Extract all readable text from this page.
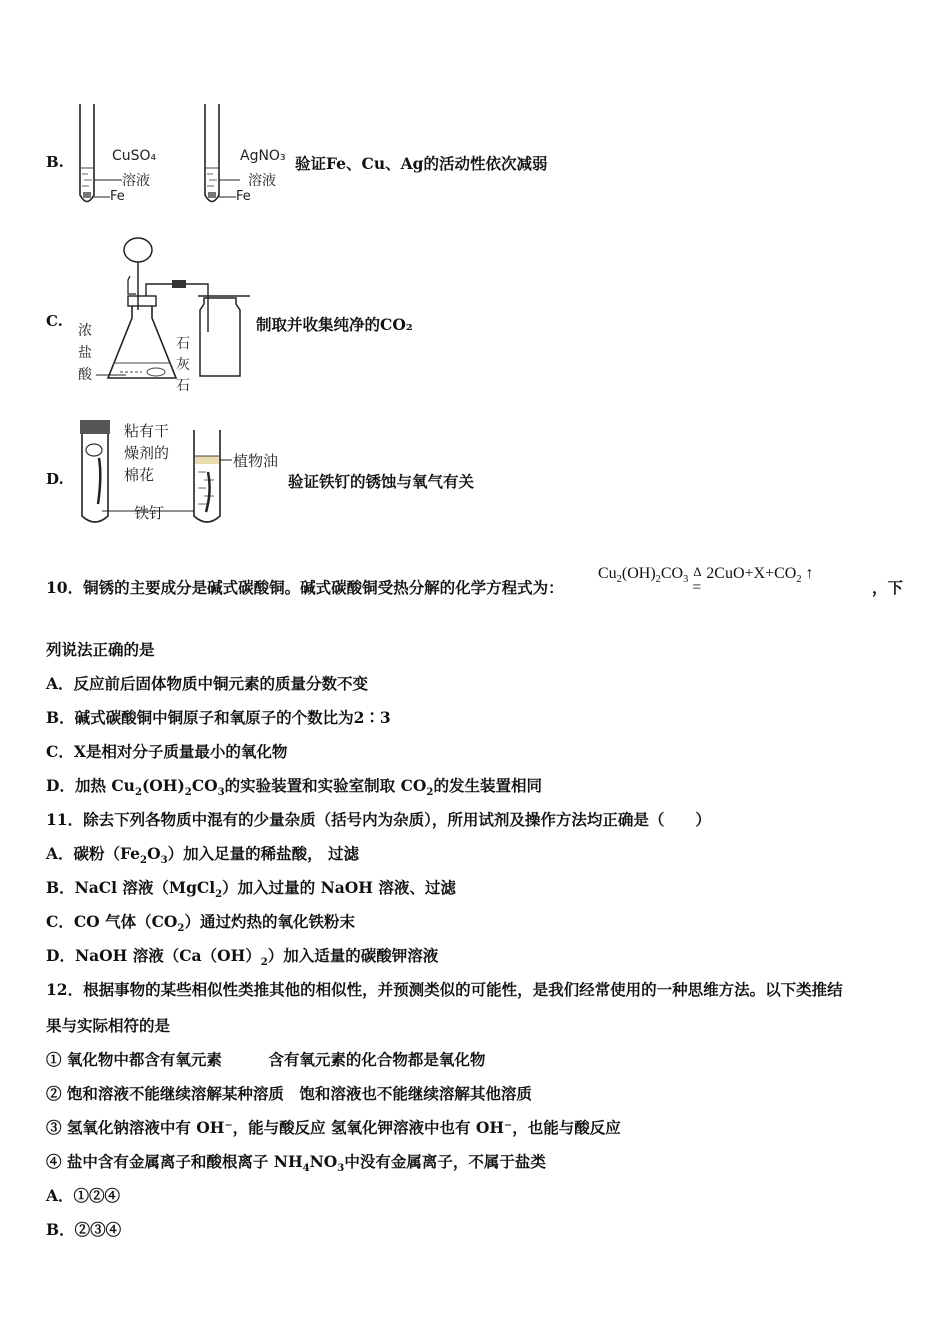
B.	CuSO₄
溶液
Fe
AgNO₃
溶液
Fe
验证Fe、Cu、Ag的活动性依次减弱
C.
浓
盐
酸
石
灰
石
制取并收集纯净的CO₂
D.
粘有干
燥剂的
棉花
植物油
铁钉
验证铁钉的锈蚀与氧气有关
10．铜锈的主要成分是碱式碳酸铜。碱式碳酸铜受热分解的化学方程式为：
$Cu_2(OH)_2CO_3$
Δ
=
$2CuO+X+CO_2$ ↑
，下
列说法正确的是
A．反应前后固体物质中铜元素的质量分数不变
B．碱式碳酸铜中铜原子和氧原子的个数比为2∶3
C．X是相对分子质量最小的氧化物
D．加热 $Cu_2(OH)_2CO_3$的实验装置和实验室制取 $CO_2$的发生装置相同
11．除去下列各物质中混有的少量杂质（括号内为杂质），所用试剂及操作方法均正确是（　　）
A．碳粉$(Fe_2O_3)$加入足量的稀盐酸， 过滤
B．NaCl 溶液（MgCl$_2$）加入过量的 NaOH 溶液、过滤
C．CO 气体$(CO_2)$通过灼热的氧化铁粉末
D．NaOH 溶液$(Ca(OH)_2)$加入适量的碳酸钾溶液
12．根据事物的某些相似性类推其他的相似性，并预测类似的可能性，是我们经常使用的一种思维方法。以下类推结
果与实际相符的是
① 氧化物中都含有氧元素　　　含有氧元素的化合物都是氧化物
② 饱和溶液不能继续溶解某种溶质　饱和溶液也不能继续溶解其他溶质
③ 氢氧化钠溶液中有 OH⁻，能与酸反应 氢氧化钾溶液中也有 OH⁻，也能与酸反应
④ 盐中含有金属离子和酸根离子 $NH_4NO_3$中没有金属离子，不属于盐类
A．①②④
B．②③④
